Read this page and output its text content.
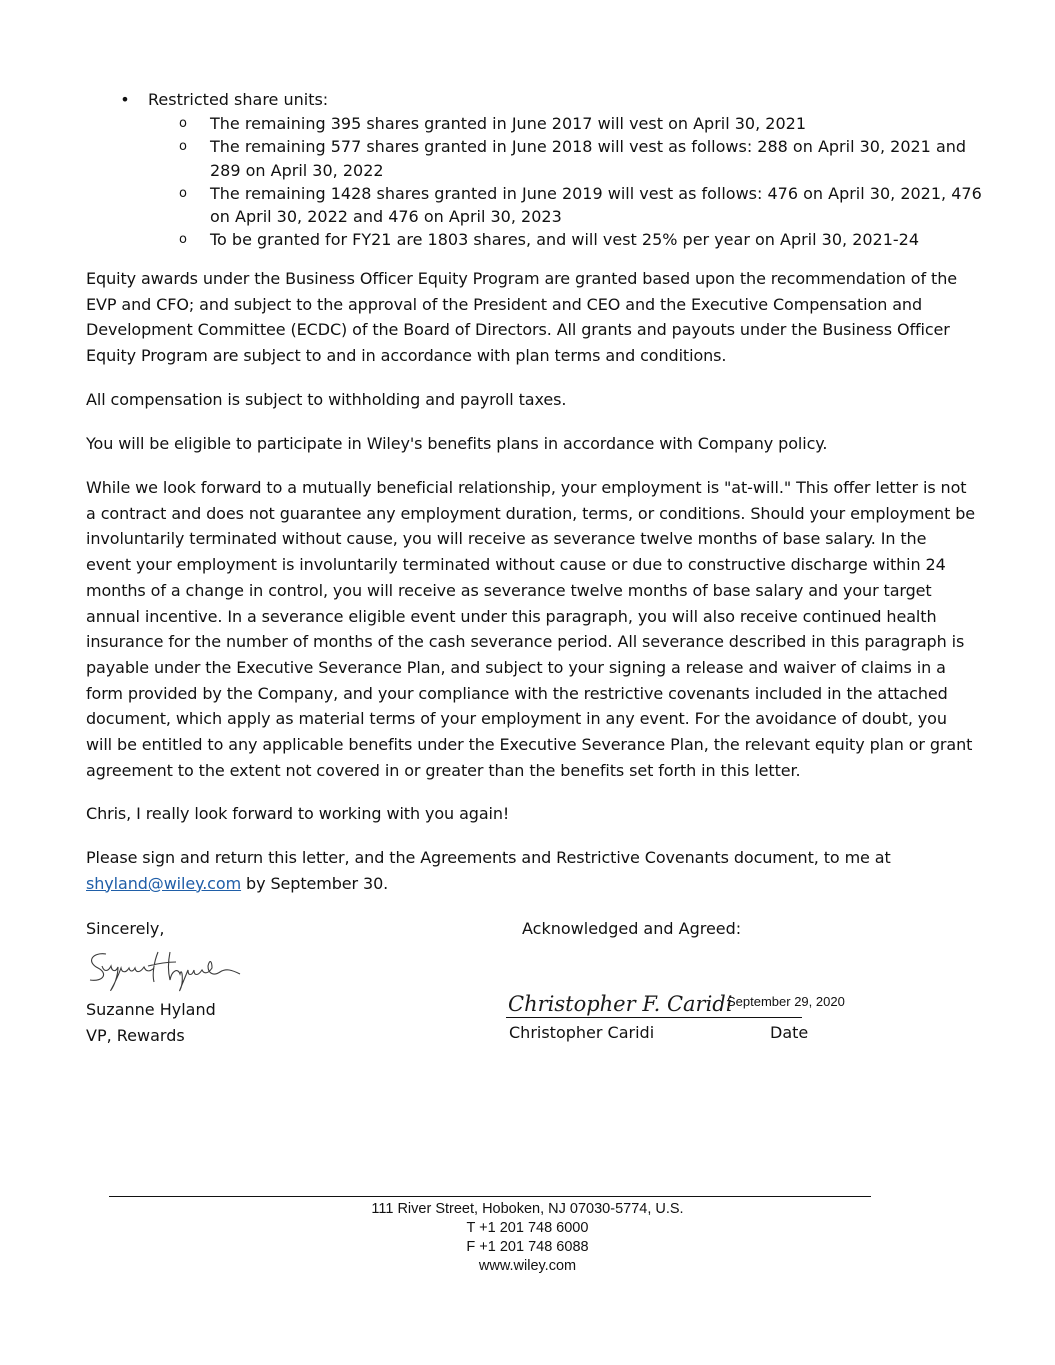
• Restricted share units:
o The remaining 395 shares granted in June 2017 will vest on April 30, 2021
o The remaining 577 shares granted in June 2018 will vest as follows: 288 on April 30, 2021 and 289 on April 30, 2022
o The remaining 1428 shares granted in June 2019 will vest as follows: 476 on April 30, 2021, 476 on April 30, 2022 and 476 on April 30, 2023
o To be granted for FY21 are 1803 shares, and will vest 25% per year on April 30, 2021-24

Equity awards under the Business Officer Equity Program are granted based upon the recommendation of the EVP and CFO; and subject to the approval of the President and CEO and the Executive Compensation and Development Committee (ECDC) of the Board of Directors. All grants and payouts under the Business Officer Equity Program are subject to and in accordance with plan terms and conditions.

All compensation is subject to withholding and payroll taxes.

You will be eligible to participate in Wiley's benefits plans in accordance with Company policy.

While we look forward to a mutually beneficial relationship, your employment is "at-will." This offer letter is not a contract and does not guarantee any employment duration, terms, or conditions. Should your employment be involuntarily terminated without cause, you will receive as severance twelve months of base salary. In the event your employment is involuntarily terminated without cause or due to constructive discharge within 24 months of a change in control, you will receive as severance twelve months of base salary and your target annual incentive. In a severance eligible event under this paragraph, you will also receive continued health insurance for the number of months of the cash severance period. All severance described in this paragraph is payable under the Executive Severance Plan, and subject to your signing a release and waiver of claims in a form provided by the Company, and your compliance with the restrictive covenants included in the attached document, which apply as material terms of your employment in any event. For the avoidance of doubt, you will be entitled to any applicable benefits under the Executive Severance Plan, the relevant equity plan or grant agreement to the extent not covered in or greater than the benefits set forth in this letter.

Chris, I really look forward to working with you again!

Please sign and return this letter, and the Agreements and Restrictive Covenants document, to me at
shyland@wiley.com by September 30.

Sincerely,	Acknowledged and Agreed:
Suzanne Hyland
VP, Rewards
Christopher F. Caridi
September 29, 2020
Christopher Caridi	Date
111 River Street, Hoboken, NJ 07030-5774, U.S.
T +1 201 748 6000
F +1 201 748 6088
www.wiley.com
